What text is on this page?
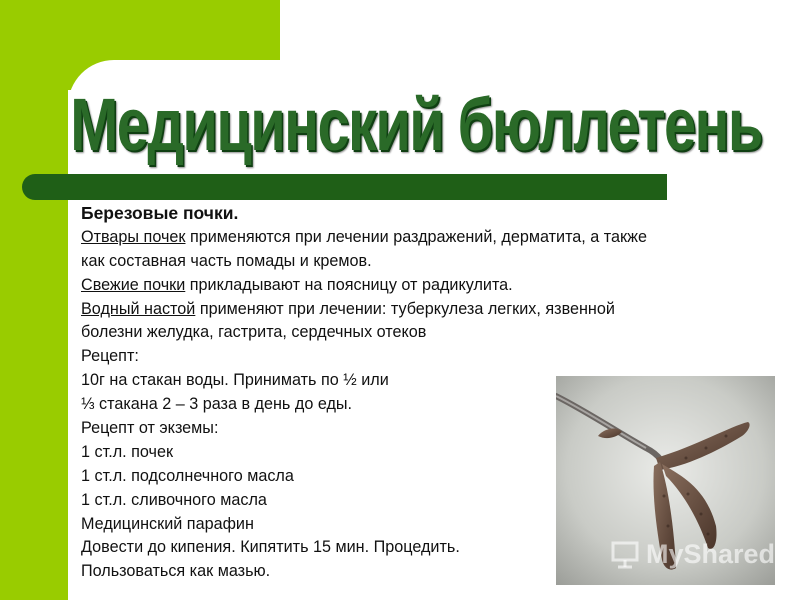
Медицинский бюллетень
Березовые почки.
Отвары почек применяются при лечении раздражений, дерматита, а также
как составная часть помады и кремов.
Свежие почки прикладывают на поясницу от радикулита.
Водный настой применяют при лечении: туберкулеза легких, язвенной
болезни желудка, гастрита, сердечных отеков
Рецепт:
10г на стакан воды. Принимать по ½ или
⅓ стакана 2 – 3 раза в день до еды.
Рецепт от экземы:
1 ст.л. почек
1 ст.л. подсолнечного масла
1 ст.л. сливочного масла
Медицинский парафин
Довести до кипения. Кипятить 15 мин. Процедить.
Пользоваться как мазью.
MyShared
